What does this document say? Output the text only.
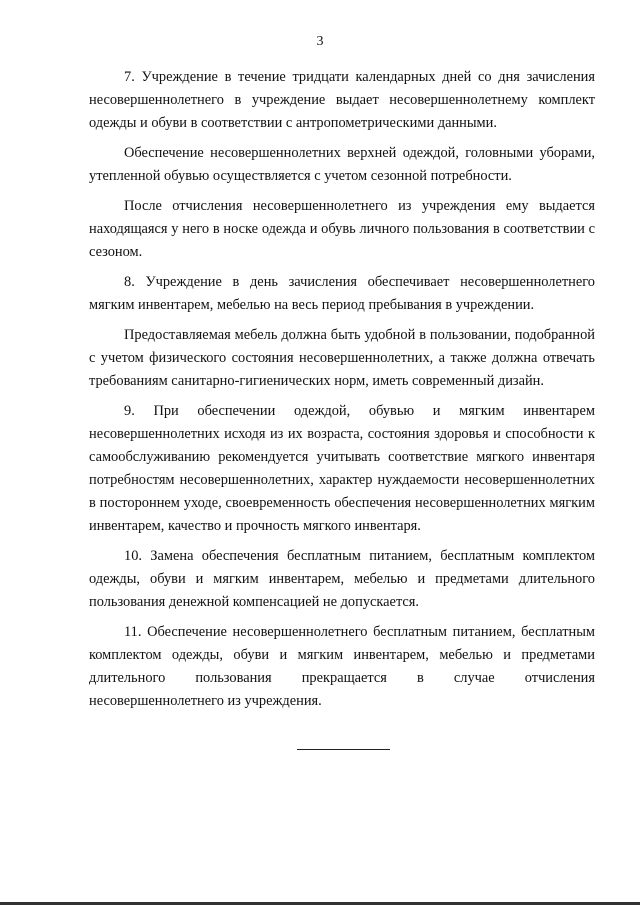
3

7. Учреждение в течение тридцати календарных дней со дня зачисления несовершеннолетнего в учреждение выдает несовершеннолетнему комплект одежды и обуви в соответствии с антропометрическими данными.

Обеспечение несовершеннолетних верхней одеждой, головными уборами, утепленной обувью осуществляется с учетом сезонной потребности.

После отчисления несовершеннолетнего из учреждения ему выдается находящаяся у него в носке одежда и обувь личного пользования в соответствии с сезоном.

8. Учреждение в день зачисления обеспечивает несовершеннолетнего мягким инвентарем, мебелью на весь период пребывания в учреждении.

Предоставляемая мебель должна быть удобной в пользовании, подобранной с учетом физического состояния несовершеннолетних, а также должна отвечать требованиям санитарно-гигиенических норм, иметь современный дизайн.

9. При обеспечении одеждой, обувью и мягким инвентарем несовершеннолетних исходя из их возраста, состояния здоровья и способности к самообслуживанию рекомендуется учитывать соответствие мягкого инвентаря потребностям несовершеннолетних, характер нуждаемости несовершеннолетних в постороннем уходе, своевременность обеспечения несовершеннолетних мягким инвентарем, качество и прочность мягкого инвентаря.

10. Замена обеспечения бесплатным питанием, бесплатным комплектом одежды, обуви и мягким инвентарем, мебелью и предметами длительного пользования денежной компенсацией не допускается.

11. Обеспечение несовершеннолетнего бесплатным питанием, бесплатным комплектом одежды, обуви и мягким инвентарем, мебелью и предметами длительного пользования прекращается в случае отчисления несовершеннолетнего из учреждения.
